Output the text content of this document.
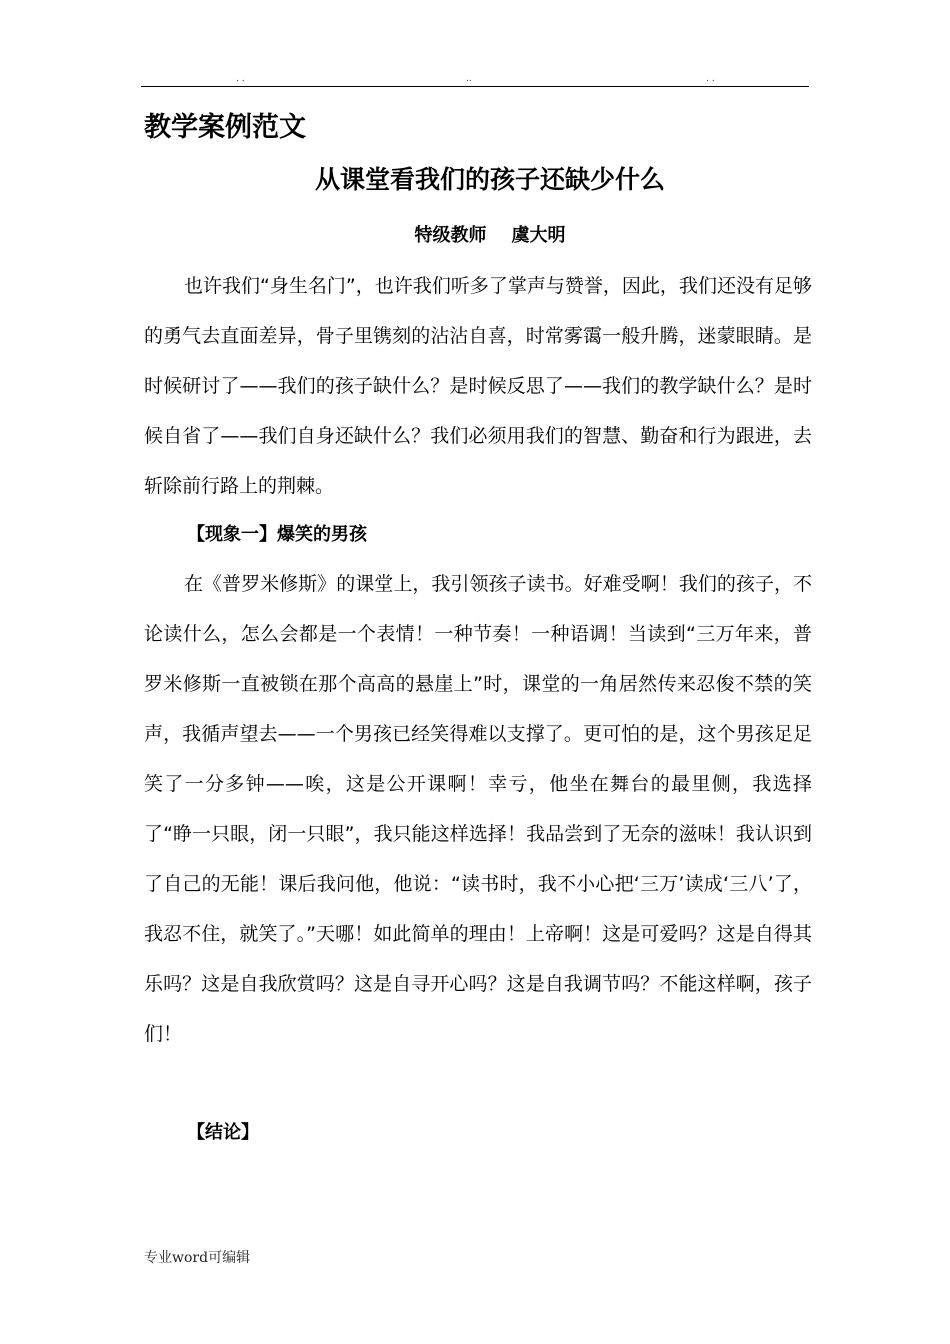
. .	..	. .
教学案例范文
从课堂看我们的孩子还缺少什么
特级教师    虞大明

也许我们“身生名门”，也许我们听多了掌声与赞誉，因此，我们还没有足够的勇气去直面差异，骨子里镌刻的沾沾自喜，时常雾霭一般升腾，迷蒙眼睛。是时候研讨了——我们的孩子缺什么？是时候反思了——我们的教学缺什么？是时候自省了——我们自身还缺什么？我们必须用我们的智慧、勤奋和行为跟进，去斩除前行路上的荆棘。

【现象一】爆笑的男孩

在《普罗米修斯》的课堂上，我引领孩子读书。好难受啊！我们的孩子，不论读什么，怎么会都是一个表情！一种节奏！一种语调！当读到“三万年来，普罗米修斯一直被锁在那个高高的悬崖上”时，课堂的一角居然传来忍俊不禁的笑声，我循声望去——一个男孩已经笑得难以支撑了。更可怕的是，这个男孩足足笑了一分多钟——唉，这是公开课啊！幸亏，他坐在舞台的最里侧，我选择了“睁一只眼，闭一只眼”，我只能这样选择！我品尝到了无奈的滋味！我认识到了自己的无能！课后我问他，他说：“读书时，我不小心把‘三万’读成‘三八’了，我忍不住，就笑了。”天哪！如此简单的理由！上帝啊！这是可爱吗？这是自得其乐吗？这是自我欣赏吗？这是自寻开心吗？这是自我调节吗？不能这样啊，孩子们！

【结论】
专业word可编辑
